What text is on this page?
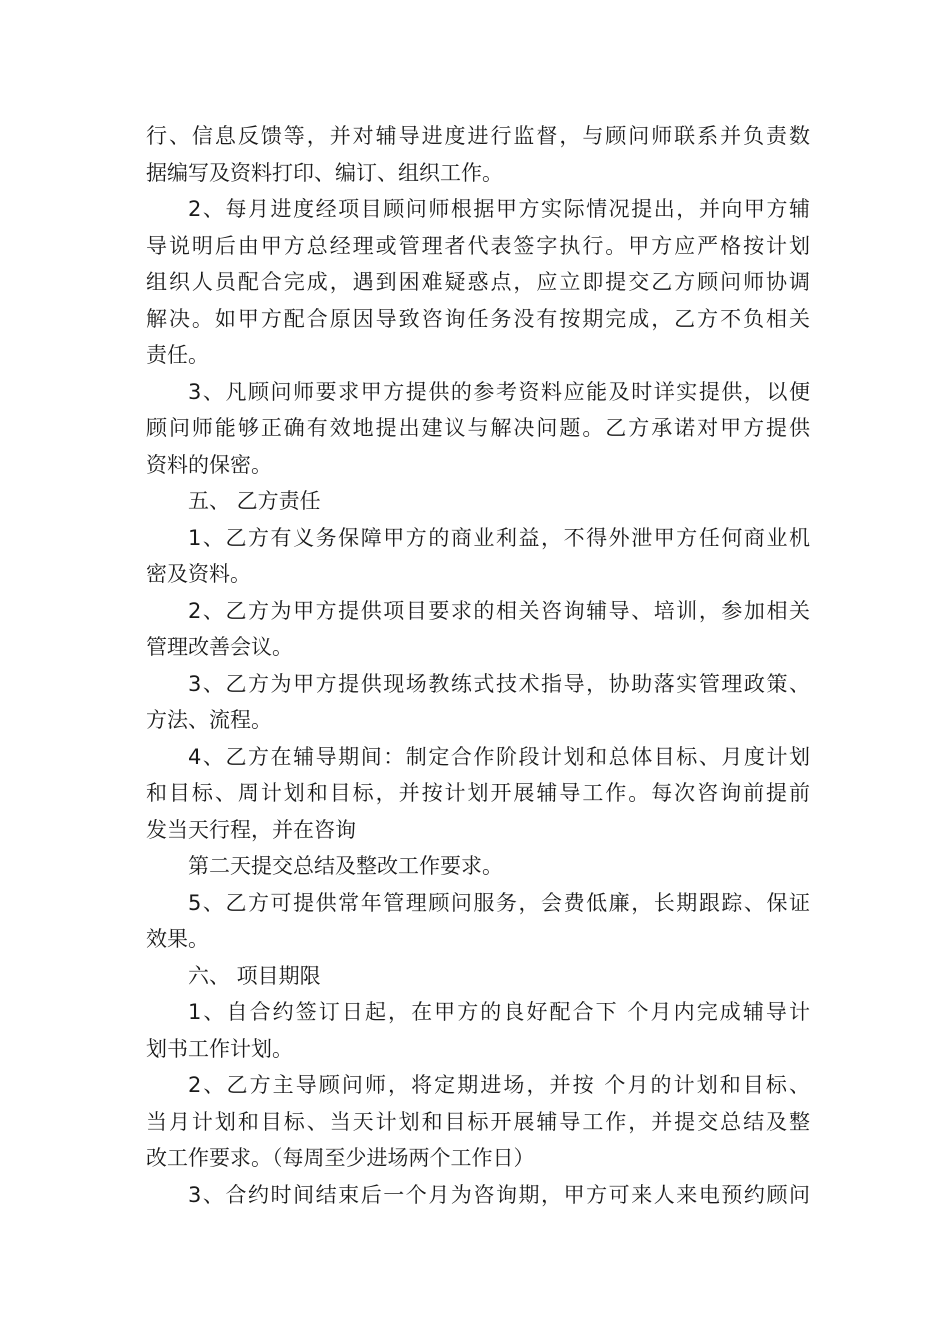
行、信息反馈等，并对辅导进度进行监督，与顾问师联系并负责数
据编写及资料打印、编订、组织工作。
2、每月进度经项目顾问师根据甲方实际情况提出，并向甲方辅
导说明后由甲方总经理或管理者代表签字执行。甲方应严格按计划
组织人员配合完成，遇到困难疑惑点，应立即提交乙方顾问师协调
解决。如甲方配合原因导致咨询任务没有按期完成，乙方不负相关
责任。
3、凡顾问师要求甲方提供的参考资料应能及时详实提供，以便
顾问师能够正确有效地提出建议与解决问题。乙方承诺对甲方提供
资料的保密。
五、 乙方责任
1、乙方有义务保障甲方的商业利益，不得外泄甲方任何商业机
密及资料。
2、乙方为甲方提供项目要求的相关咨询辅导、培训，参加相关
管理改善会议。
3、乙方为甲方提供现场教练式技术指导，协助落实管理政策、
方法、流程。
4、乙方在辅导期间：制定合作阶段计划和总体目标、月度计划
和目标、周计划和目标，并按计划开展辅导工作。每次咨询前提前
发当天行程，并在咨询
第二天提交总结及整改工作要求。
5、乙方可提供常年管理顾问服务，会费低廉，长期跟踪、保证
效果。
六、 项目期限
1、自合约签订日起，在甲方的良好配合下 个月内完成辅导计
划书工作计划。
2、乙方主导顾问师，将定期进场，并按 个月的计划和目标、
当月计划和目标、当天计划和目标开展辅导工作，并提交总结及整
改工作要求。（每周至少进场两个工作日）
3、合约时间结束后一个月为咨询期，甲方可来人来电预约顾问
